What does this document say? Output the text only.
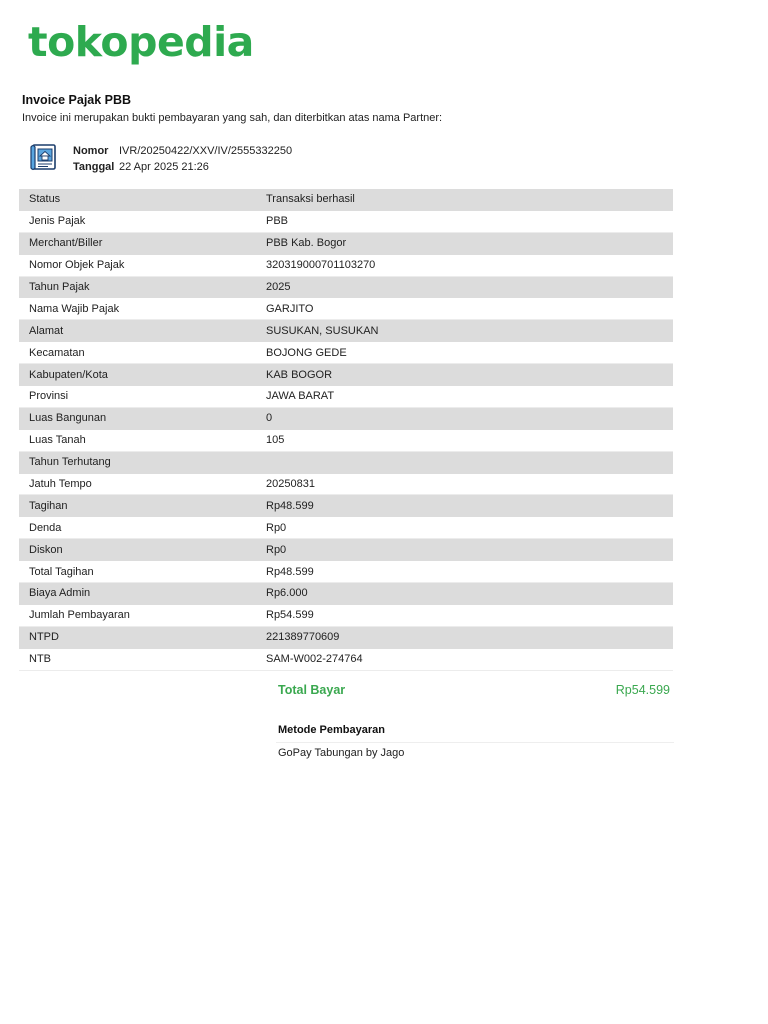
tokopedia
Invoice Pajak PBB
Invoice ini merupakan bukti pembayaran yang sah, dan diterbitkan atas nama Partner:
Nomor IVR/20250422/XXV/IV/2555332250
Tanggal 22 Apr 2025 21:26
Status	Transaksi berhasil
Jenis Pajak	PBB
Merchant/Biller	PBB Kab. Bogor
Nomor Objek Pajak	320319000701103270
Tahun Pajak	2025
Nama Wajib Pajak	GARJITO
Alamat	SUSUKAN, SUSUKAN
Kecamatan	BOJONG GEDE
Kabupaten/Kota	KAB BOGOR
Provinsi	JAWA BARAT
Luas Bangunan	0
Luas Tanah	105
Tahun Terhutang
Jatuh Tempo	20250831
Tagihan	Rp48.599
Denda	Rp0
Diskon	Rp0
Total Tagihan	Rp48.599
Biaya Admin	Rp6.000
Jumlah Pembayaran	Rp54.599
NTPD	221389770609
NTB	SAM-W002-274764
Total Bayar	Rp54.599
Metode Pembayaran
GoPay Tabungan by Jago
